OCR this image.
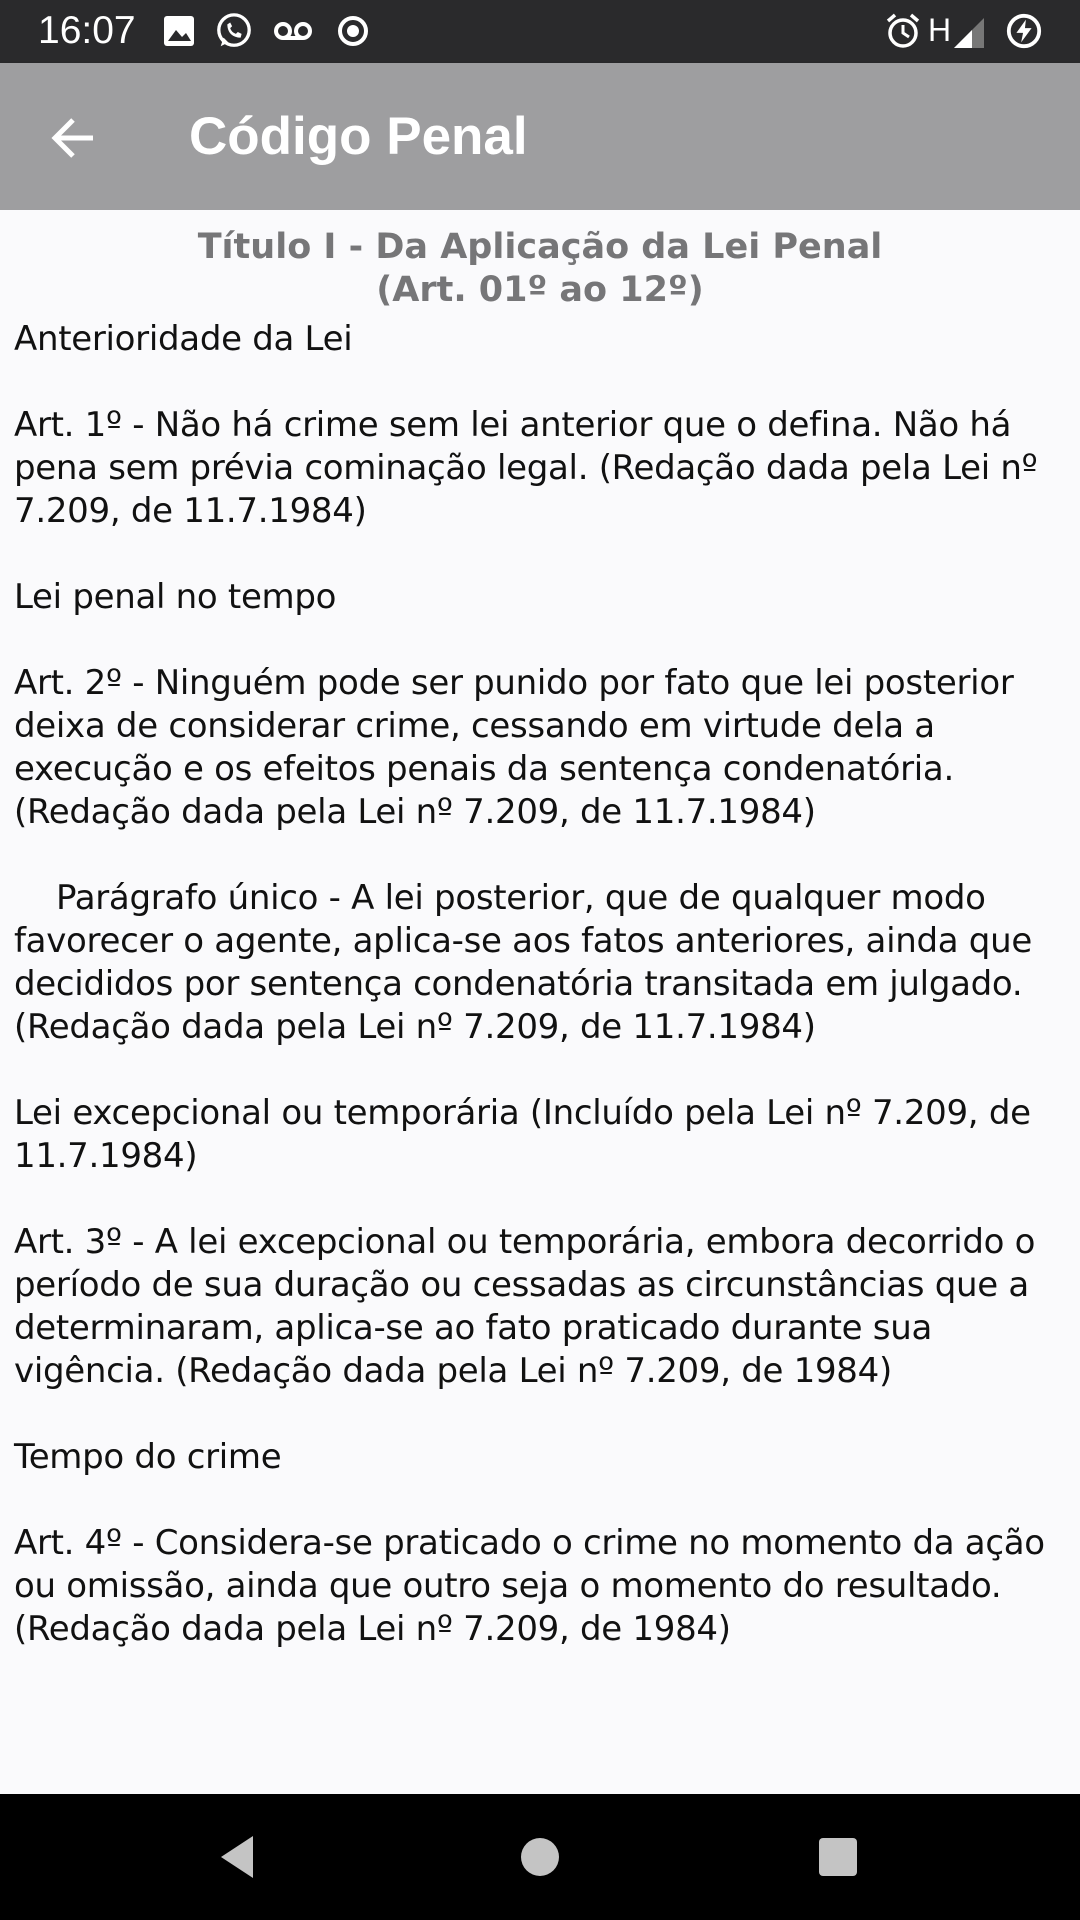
16:07	H
Código Penal
Título I - Da Aplicação da Lei Penal
(Art. 01º ao 12º)

Anterioridade da Lei

Art. 1º - Não há crime sem lei anterior que o defina. Não há pena sem prévia cominação legal. (Redação dada pela Lei nº 7.209, de 11.7.1984)

Lei penal no tempo

Art. 2º - Ninguém pode ser punido por fato que lei posterior deixa de considerar crime, cessando em virtude dela a execução e os efeitos penais da sentença condenatória. (Redação dada pela Lei nº 7.209, de 11.7.1984)

Parágrafo único - A lei posterior, que de qualquer modo favorecer o agente, aplica-se aos fatos anteriores, ainda que decididos por sentença condenatória transitada em julgado. (Redação dada pela Lei nº 7.209, de 11.7.1984)

Lei excepcional ou temporária (Incluído pela Lei nº 7.209, de 11.7.1984)

Art. 3º - A lei excepcional ou temporária, embora decorrido o período de sua duração ou cessadas as circunstâncias que a determinaram, aplica-se ao fato praticado durante sua vigência. (Redação dada pela Lei nº 7.209, de 1984)

Tempo do crime

Art. 4º - Considera-se praticado o crime no momento da ação ou omissão, ainda que outro seja o momento do resultado. (Redação dada pela Lei nº 7.209, de 1984)
